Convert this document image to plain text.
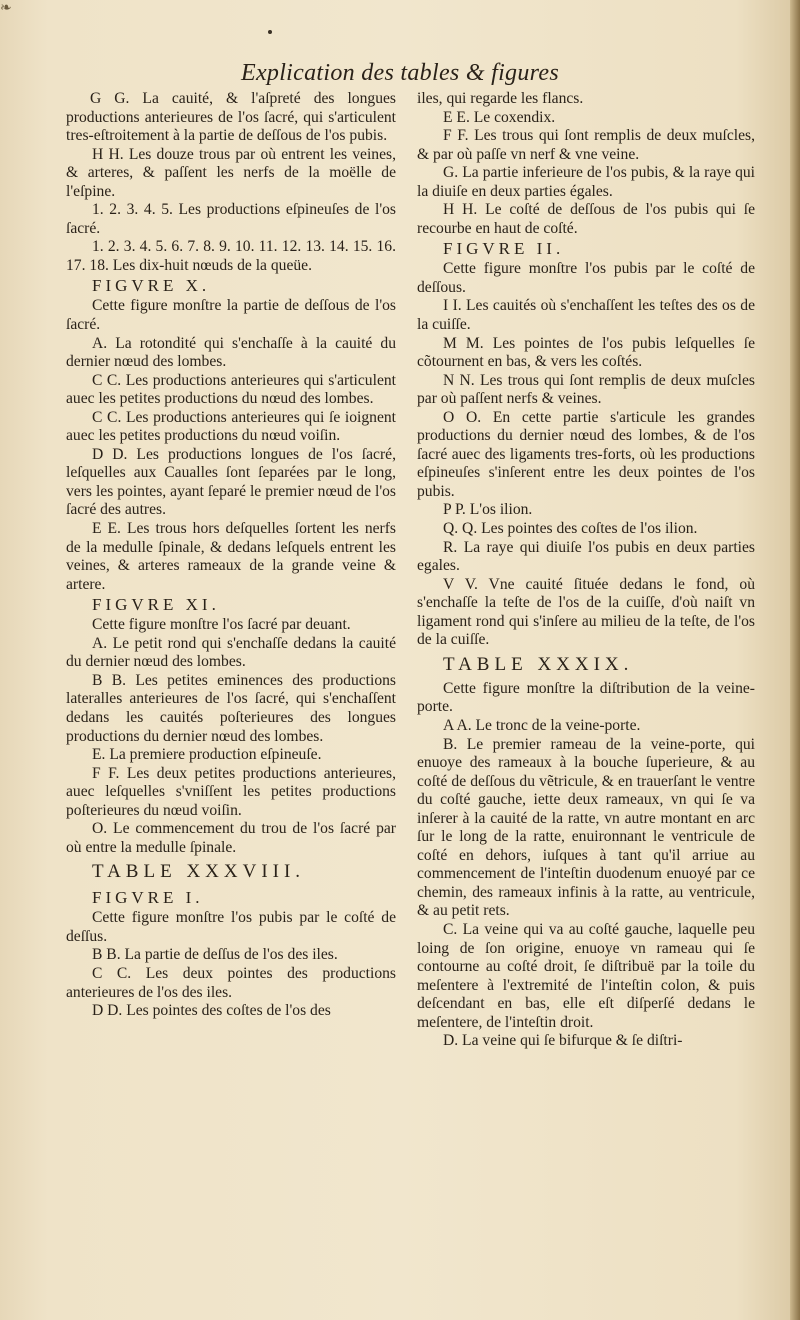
❧
Explication des tables & figures

G G. La cauité, & l'aſpreté des longues productions anterieures de l'os ſacré, qui s'articulent tres-eſtroitement à la partie de deſſous de l'os pubis.

H H. Les douze trous par où entrent les veines, & arteres, & paſſent les nerfs de la moëlle de l'eſpine.

1. 2. 3. 4. 5. Les productions eſpineuſes de l'os ſacré.

1. 2. 3. 4. 5. 6. 7. 8. 9. 10. 11. 12. 13. 14. 15. 16. 17. 18. Les dix-huit nœuds de la queüe.

FIGVRE X.

Cette figure monſtre la partie de deſſous de l'os ſacré.

A. La rotondité qui s'enchaſſe à la cauité du dernier nœud des lombes.

C C. Les productions anterieures qui s'articulent auec les petites productions du nœud des lombes.

C C. Les productions anterieures qui ſe ioignent auec les petites productions du nœud voiſin.

D D. Les productions longues de l'os ſacré, leſquelles aux Caualles ſont ſeparées par le long, vers les pointes, ayant ſeparé le premier nœud de l'os ſacré des autres.

E E. Les trous hors deſquelles ſortent les nerfs de la medulle ſpinale, & dedans leſquels entrent les veines, & arteres rameaux de la grande veine & artere.

FIGVRE XI.

Cette figure monſtre l'os ſacré par deuant.

A. Le petit rond qui s'enchaſſe dedans la cauité du dernier nœud des lombes.

B B. Les petites eminences des productions lateralles anterieures de l'os ſacré, qui s'enchaſſent dedans les cauités poſterieures des longues productions du dernier nœud des lombes.

E. La premiere production eſpineuſe.

F F. Les deux petites productions anterieures, auec leſquelles s'vniſſent les petites productions poſterieures du nœud voiſin.

O. Le commencement du trou de l'os ſacré par où entre la medulle ſpinale.

TABLE XXXVIII.

FIGVRE I.

Cette figure monſtre l'os pubis par le coſté de deſſus.

B B. La partie de deſſus de l'os des iles.

C C. Les deux pointes des productions anterieures de l'os des iles.

D D. Les pointes des coſtes de l'os des

iles, qui regarde les flancs.

E E. Le coxendix.

F F. Les trous qui ſont remplis de deux muſcles, & par où paſſe vn nerf & vne veine.

G. La partie inferieure de l'os pubis, & la raye qui la diuiſe en deux parties égales.

H H. Le coſté de deſſous de l'os pubis qui ſe recourbe en haut de coſté.

FIGVRE II.

Cette figure monſtre l'os pubis par le coſté de deſſous.

I I. Les cauités où s'enchaſſent les teſtes des os de la cuiſſe.

M M. Les pointes de l'os pubis leſquelles ſe cõtournent en bas, & vers les coſtés.

N N. Les trous qui ſont remplis de deux muſcles par où paſſent nerfs & veines.

O O. En cette partie s'articule les grandes productions du dernier nœud des lombes, & de l'os ſacré auec des ligaments tres-forts, où les productions eſpineuſes s'inſerent entre les deux pointes de l'os pubis.

P P. L'os ilion.

Q. Q. Les pointes des coſtes de l'os ilion.

R. La raye qui diuiſe l'os pubis en deux parties egales.

V V. Vne cauité ſituée dedans le fond, où s'enchaſſe la teſte de l'os de la cuiſſe, d'où naiſt vn ligament rond qui s'inſere au milieu de la teſte, de l'os de la cuiſſe.

TABLE XXXIX.

Cette figure monſtre la diſtribution de la veine-porte.

A A. Le tronc de la veine-porte.

B. Le premier rameau de la veine-porte, qui enuoye des rameaux à la bouche ſuperieure, & au coſté de deſſous du vẽtricule, & en trauerſant le ventre du coſté gauche, iette deux rameaux, vn qui ſe va inſerer à la cauité de la ratte, vn autre montant en arc ſur le long de la ratte, enuironnant le ventricule de coſté en dehors, iuſques à tant qu'il arriue au commencement de l'inteſtin duodenum enuoyé par ce chemin, des rameaux infinis à la ratte, au ventricule, & au petit rets.

C. La veine qui va au coſté gauche, laquelle peu loing de ſon origine, enuoye vn rameau qui ſe contourne au coſté droit, ſe diſtribuë par la toile du meſentere à l'extremité de l'inteſtin colon, & puis deſcendant en bas, elle eſt diſperſé dedans le meſentere, de l'inteſtin droit.

D. La veine qui ſe bifurque & ſe diſtri-
